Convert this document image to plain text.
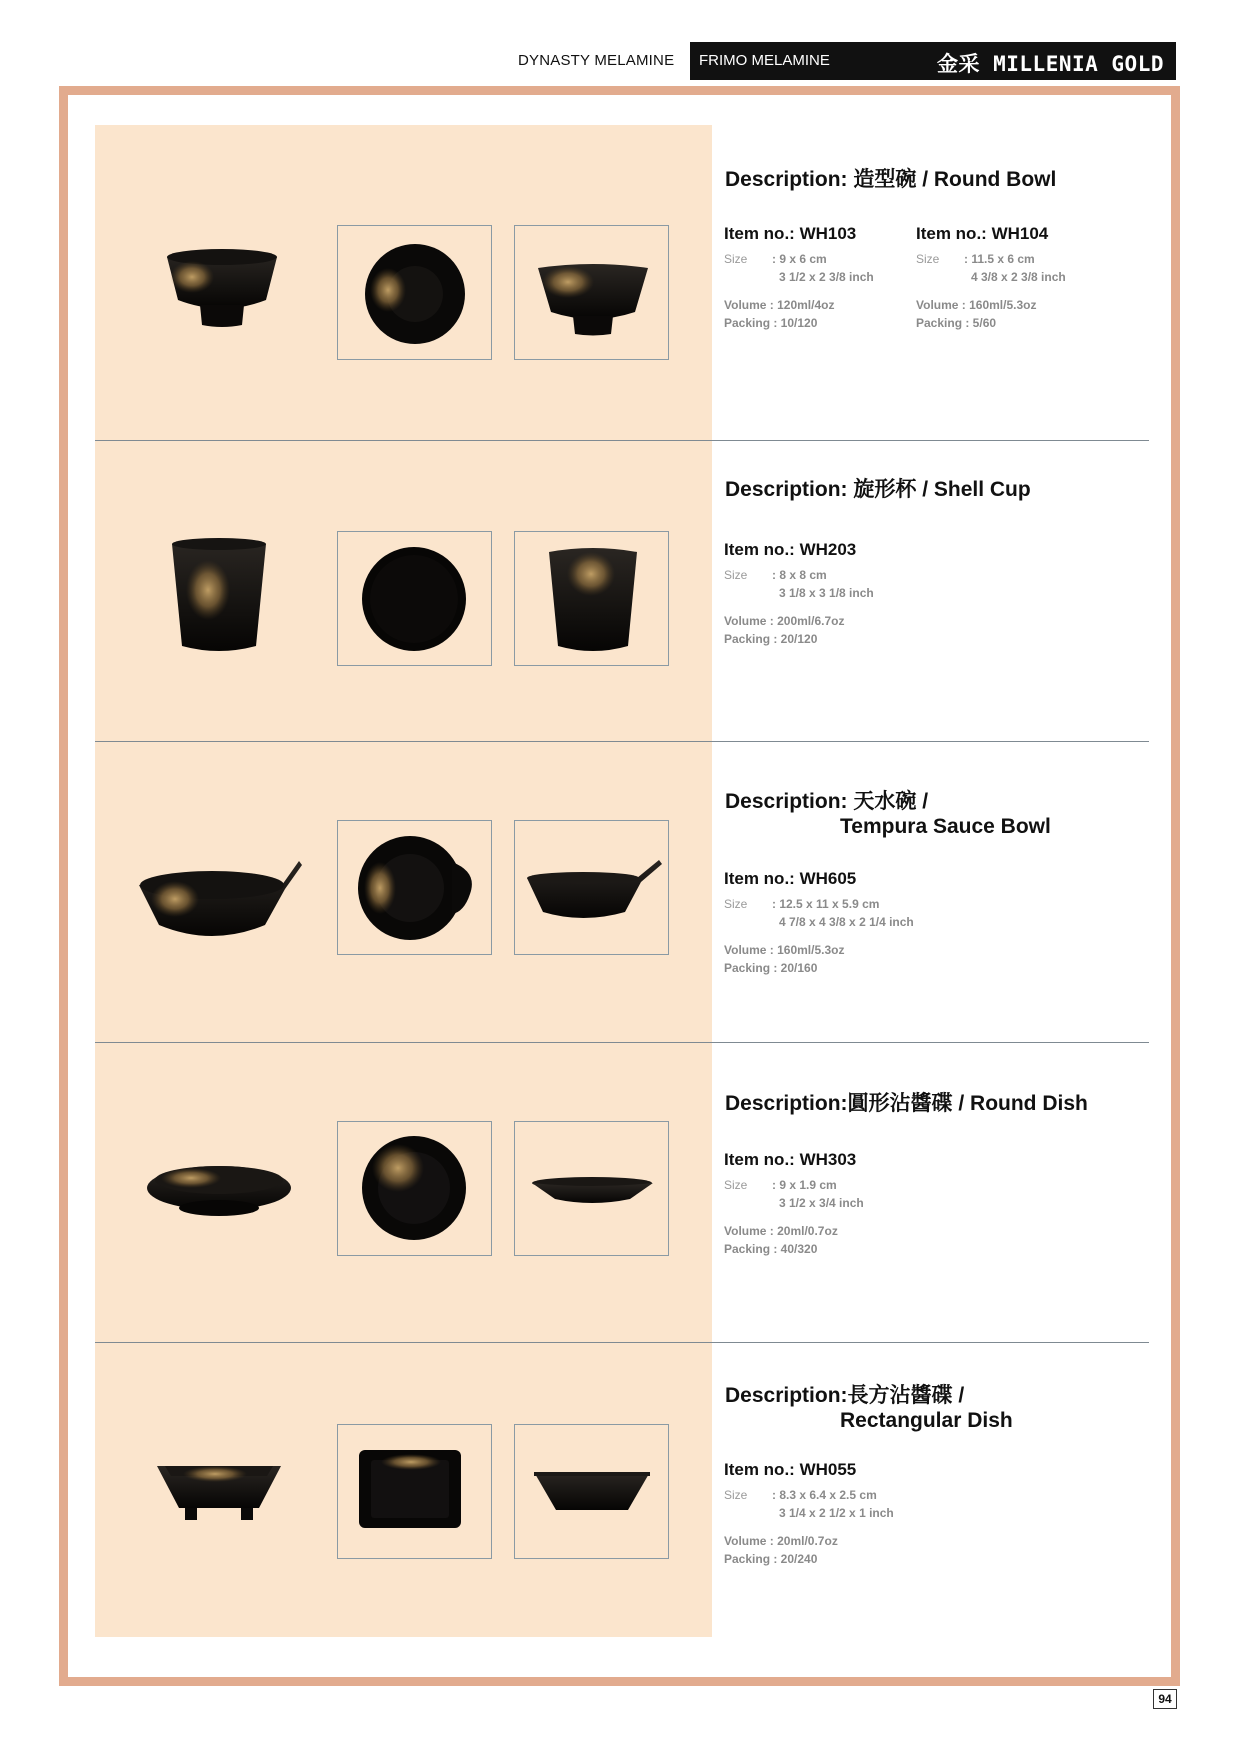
DYNASTY MELAMINE	金采 MILLENIA GOLD
FRIMO MELAMINE
Description: 造型碗 / Round Bowl
Item no.: WH103
Size : 9 x 6 cm
3 1/2 x 2 3/8 inch
Volume : 120ml/4oz
Packing : 10/120
Item no.: WH104
Size : 11.5 x 6 cm
4 3/8 x 2 3/8 inch
Volume : 160ml/5.3oz
Packing : 5/60
Description: 旋形杯 / Shell Cup
Item no.: WH203
Size : 8 x 8 cm
3 1/8 x 3 1/8 inch
Volume : 200ml/6.7oz
Packing : 20/120
Description: 天水碗 /
Tempura Sauce Bowl
Item no.: WH605
Size : 12.5 x 11 x 5.9 cm
4 7/8 x 4 3/8 x 2 1/4 inch
Volume : 160ml/5.3oz
Packing : 20/160
Description:圓形沾醬碟 / Round Dish
Item no.: WH303
Size : 9 x 1.9 cm
3 1/2 x 3/4 inch
Volume : 20ml/0.7oz
Packing : 40/320
Description:長方沾醬碟 /
Rectangular Dish
Item no.: WH055
Size : 8.3 x 6.4 x 2.5 cm
3 1/4 x 2 1/2 x 1 inch
Volume : 20ml/0.7oz
Packing : 20/240
94
